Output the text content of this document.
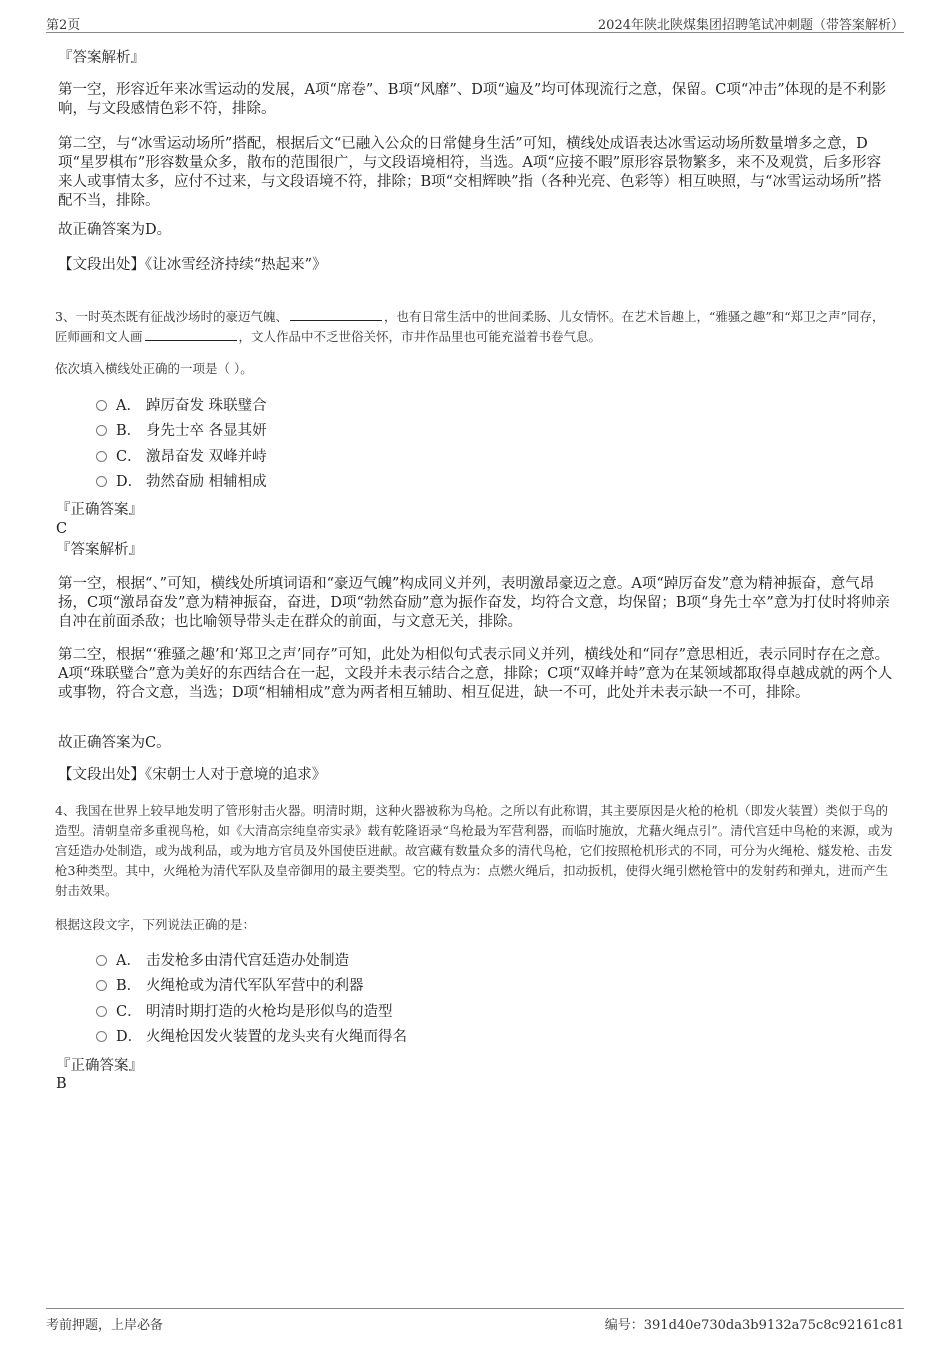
第2页	2024年陕北陕煤集团招聘笔试冲刺题（带答案解析）
『答案解析』
第一空，形容近年来冰雪运动的发展，A项“席卷”、B项“风靡”、D项“遍及”均可体现流行之意，保留。C项“冲击”体现的是不利影响，与文段感情色彩不符，排除。
第二空，与“冰雪运动场所”搭配，根据后文“已融入公众的日常健身生活”可知，横线处成语表达冰雪运动场所数量增多之意，D项“星罗棋布”形容数量众多，散布的范围很广，与文段语境相符，当选。A项“应接不暇”原形容景物繁多，来不及观赏，后多形容来人或事情太多，应付不过来，与文段语境不符，排除；B项“交相辉映”指（各种光亮、色彩等）相互映照，与“冰雪运动场所”搭配不当，排除。
故正确答案为D。
【文段出处】《让冰雪经济持续“热起来”》
3、一时英杰既有征战沙场时的豪迈气魄、	，也有日常生活中的世间柔肠、儿女情怀。在艺术旨趣上，“雅骚之趣”和“郑卫之声”同存，匠师画和文人画	，文人作品中不乏世俗关怀，市井作品里也可能充溢着书卷气息。
依次填入横线处正确的一项是（ ）。
A． 踔厉奋发 珠联璧合
B． 身先士卒 各显其妍
C． 激昂奋发 双峰并峙
D． 勃然奋励 相辅相成
『正确答案』
C
『答案解析』
第一空，根据“、”可知，横线处所填词语和“豪迈气魄”构成同义并列，表明激昂豪迈之意。A项“踔厉奋发”意为精神振奋，意气昂扬，C项“激昂奋发”意为精神振奋，奋进，D项“勃然奋励”意为振作奋发，均符合文意，均保留；B项“身先士卒”意为打仗时将帅亲自冲在前面杀敌；也比喻领导带头走在群众的前面，与文意无关，排除。
第二空，根据“‘雅骚之趣’和‘郑卫之声’同存”可知，此处为相似句式表示同义并列，横线处和“同存”意思相近，表示同时存在之意。A项“珠联璧合”意为美好的东西结合在一起，文段并未表示结合之意，排除；C项“双峰并峙”意为在某领域都取得卓越成就的两个人或事物，符合文意，当选；D项“相辅相成”意为两者相互辅助、相互促进，缺一不可，此处并未表示缺一不可，排除。
故正确答案为C。
【文段出处】《宋朝士人对于意境的追求》
4、我国在世界上较早地发明了管形射击火器。明清时期，这种火器被称为鸟枪。之所以有此称谓，其主要原因是火枪的枪机（即发火装置）类似于鸟的造型。清朝皇帝多重视鸟枪，如《大清高宗纯皇帝实录》载有乾隆语录“鸟枪最为军营利器，而临时施放，尤藉火绳点引”。清代宫廷中鸟枪的来源，或为宫廷造办处制造，或为战利品，或为地方官员及外国使臣进献。故宫藏有数量众多的清代鸟枪，它们按照枪机形式的不同，可分为火绳枪、燧发枪、击发枪3种类型。其中，火绳枪为清代军队及皇帝御用的最主要类型。它的特点为：点燃火绳后，扣动扳机，使得火绳引燃枪管中的发射药和弹丸，进而产生射击效果。
根据这段文字，下列说法正确的是：
A． 击发枪多由清代宫廷造办处制造
B． 火绳枪或为清代军队军营中的利器
C． 明清时期打造的火枪均是形似鸟的造型
D． 火绳枪因发火装置的龙头夹有火绳而得名
『正确答案』
B
考前押题，上岸必备	编号：391d40e730da3b9132a75c8c92161c81
